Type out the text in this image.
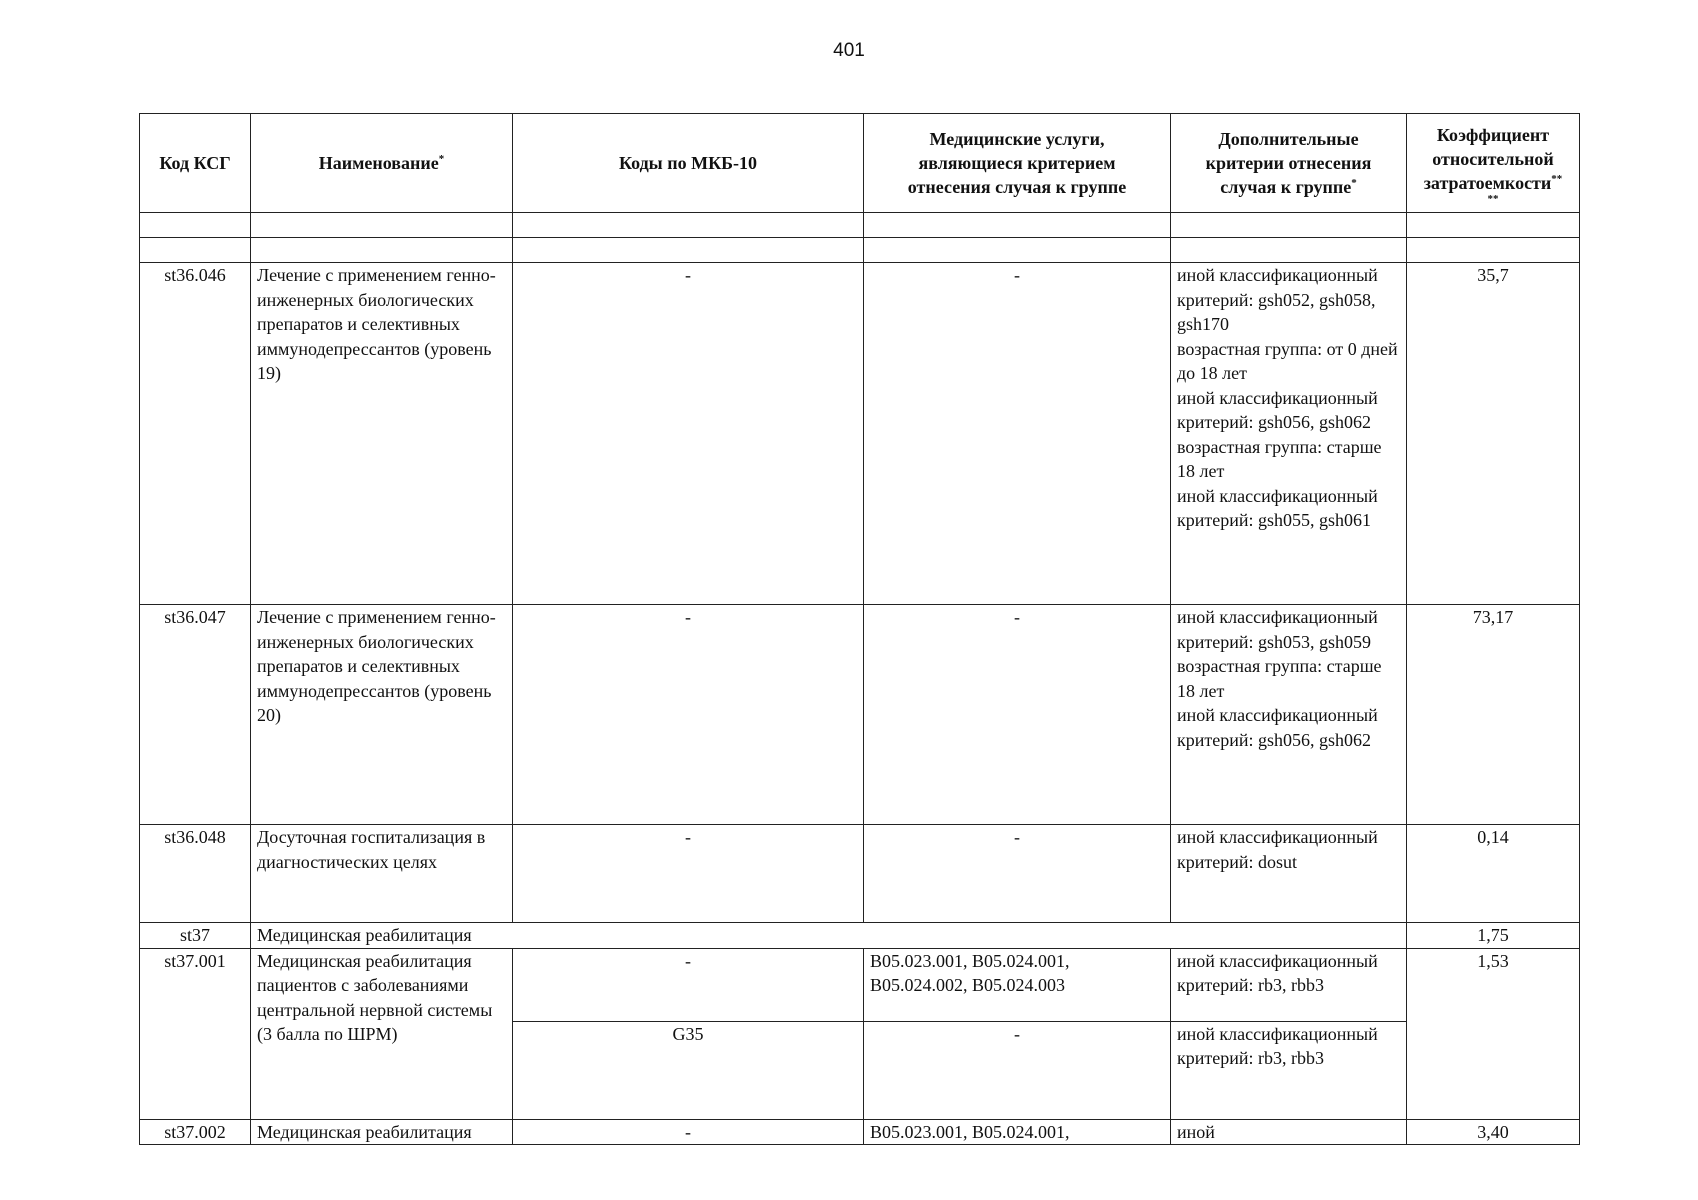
401
Код КСГ	Наименование*	Коды по МКБ-10	Медицинские услуги, являющиеся критерием отнесения случая к группе	Дополнительные критерии отнесения случая к группе*	Коэффициент относительной затратоемкости**
**

st36.046	Лечение с применением генно-инженерных биологических препаратов и селективных иммунодепрессантов (уровень 19)	-	-	иной классификационный критерий: gsh052, gsh058, gsh170
возрастная группа: от 0 дней до 18 лет
иной классификационный критерий: gsh056, gsh062
возрастная группа: старше 18 лет
иной классификационный критерий: gsh055, gsh061	35,7
st36.047	Лечение с применением генно-инженерных биологических препаратов и селективных иммунодепрессантов (уровень 20)	-	-	иной классификационный критерий: gsh053, gsh059
возрастная группа: старше 18 лет
иной классификационный критерий: gsh056, gsh062	73,17
st36.048	Досуточная госпитализация в диагностических целях	-	-	иной классификационный критерий: dosut	0,14
st37	Медицинская реабилитация				1,75
st37.001	Медицинская реабилитация пациентов с заболеваниями центральной нервной системы (3 балла по ШРМ)	-	B05.023.001, B05.024.001, B05.024.002, B05.024.003	иной классификационный критерий: rb3, rbb3	1,53
		G35	-	иной классификационный критерий: rb3, rbb3	
st37.002	Медицинская реабилитация	-	B05.023.001, B05.024.001,	иной	3,40
